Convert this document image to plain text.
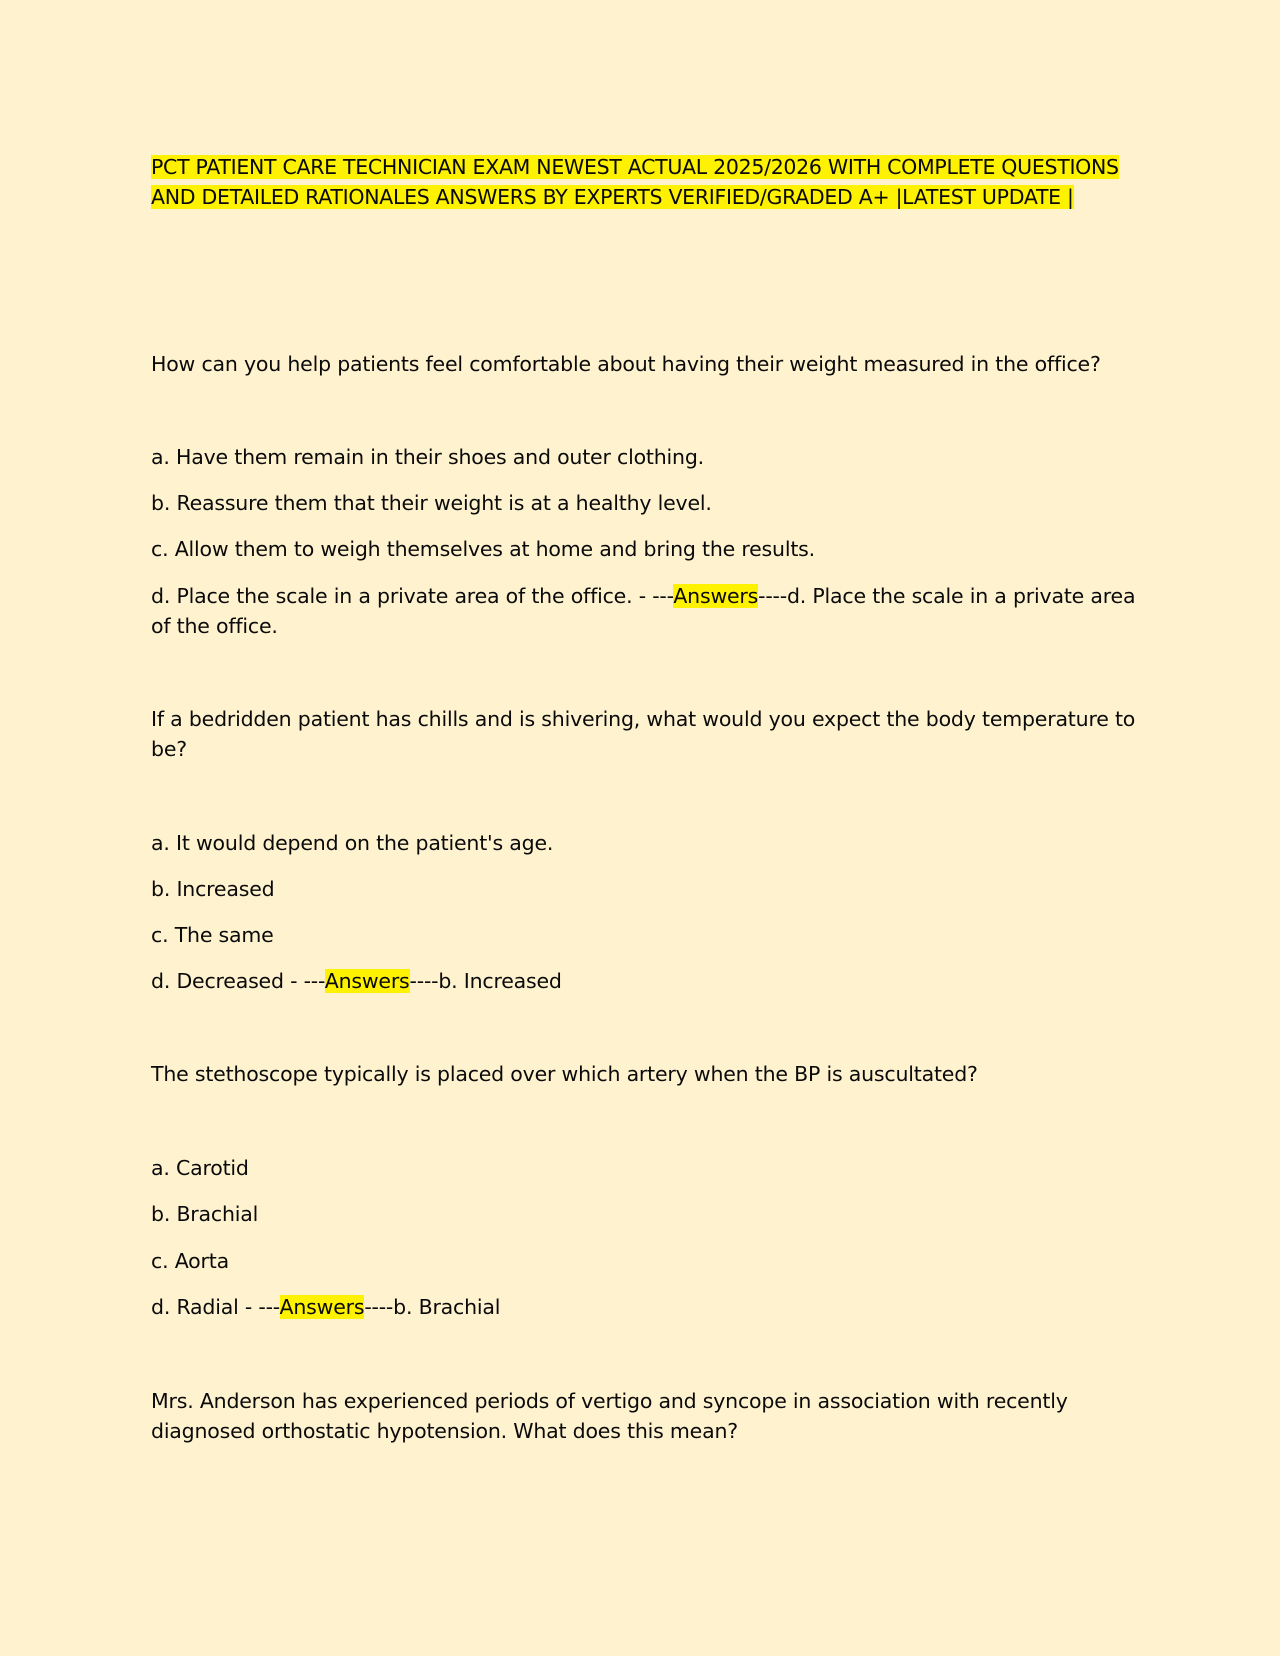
PCT PATIENT CARE TECHNICIAN EXAM NEWEST ACTUAL 2025/2026 WITH COMPLETE QUESTIONS AND DETAILED RATIONALES ANSWERS BY EXPERTS VERIFIED/GRADED A+ |LATEST UPDATE |

How can you help patients feel comfortable about having their weight measured in the office?

a. Have them remain in their shoes and outer clothing.

b. Reassure them that their weight is at a healthy level.

c. Allow them to weigh themselves at home and bring the results.

d. Place the scale in a private area of the office. - ---Answers----d. Place the scale in a private area of the office.

If a bedridden patient has chills and is shivering, what would you expect the body temperature to be?

a. It would depend on the patient's age.

b. Increased

c. The same

d. Decreased - ---Answers----b. Increased

The stethoscope typically is placed over which artery when the BP is auscultated?

a. Carotid

b. Brachial

c. Aorta

d. Radial - ---Answers----b. Brachial

Mrs. Anderson has experienced periods of vertigo and syncope in association with recently diagnosed orthostatic hypotension. What does this mean?
